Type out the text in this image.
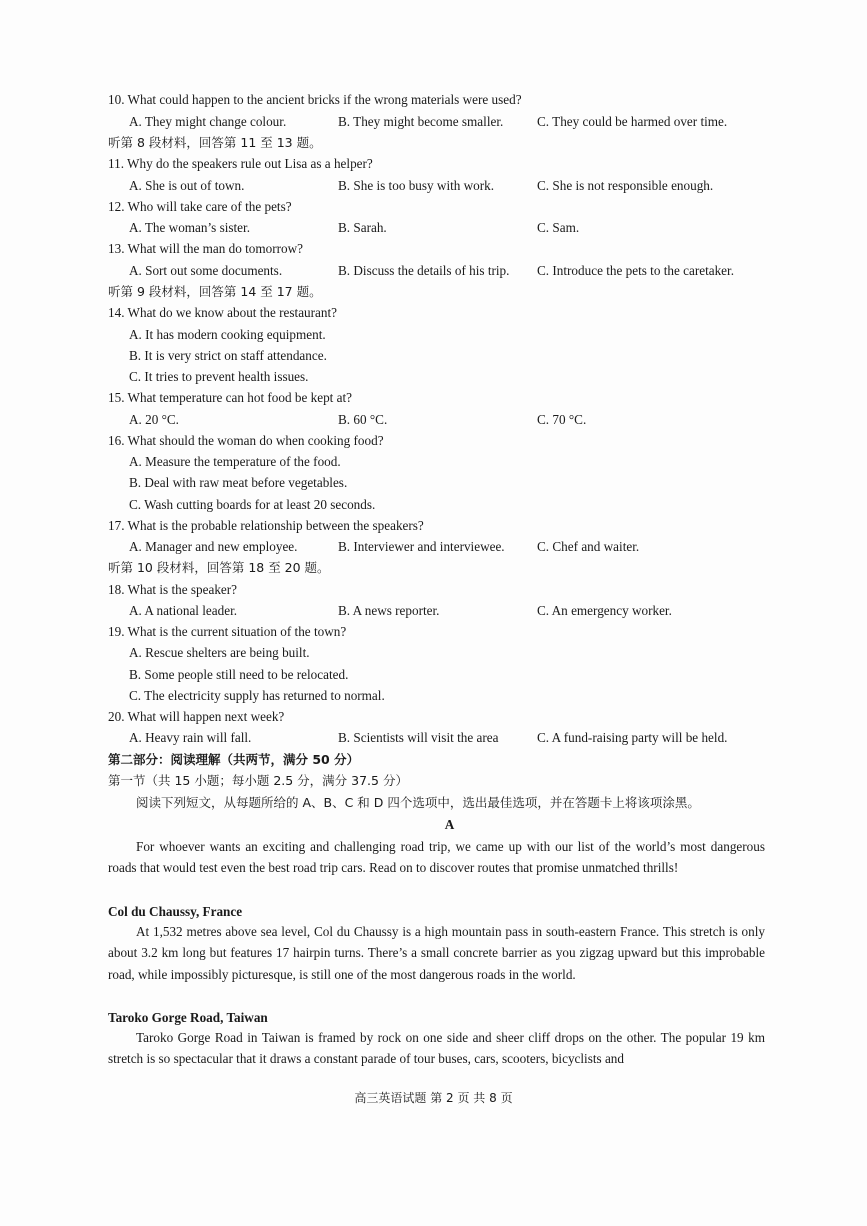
10. What could happen to the ancient bricks if the wrong materials were used?
A. They might change colour.	B. They might become smaller.	C. They could be harmed over time.
听第 8 段材料，回答第 11 至 13 题。
11. Why do the speakers rule out Lisa as a helper?
A. She is out of town.	B. She is too busy with work.	C. She is not responsible enough.
12. Who will take care of the pets?
A. The woman’s sister.	B. Sarah.	C. Sam.
13. What will the man do tomorrow?
A. Sort out some documents.	B. Discuss the details of his trip. C. Introduce the pets to the caretaker.
听第 9 段材料，回答第 14 至 17 题。
14. What do we know about the restaurant?
A. It has modern cooking equipment.
B. It is very strict on staff attendance.
C. It tries to prevent health issues.
15. What temperature can hot food be kept at?
A. 20 °C.	B. 60 °C.	C. 70 °C.
16. What should the woman do when cooking food?
A. Measure the temperature of the food.
B. Deal with raw meat before vegetables.
C. Wash cutting boards for at least 20 seconds.
17. What is the probable relationship between the speakers?
A. Manager and new employee.	B. Interviewer and interviewee. C. Chef and waiter.
听第 10 段材料，回答第 18 至 20 题。
18. What is the speaker?
A. A national leader.	B. A news reporter.	C. An emergency worker.
19. What is the current situation of the town?
A. Rescue shelters are being built.
B. Some people still need to be relocated.
C. The electricity supply has returned to normal.
20. What will happen next week?
A. Heavy rain will fall.	B. Scientists will visit the area	C. A fund-raising party will be held.
第二部分：阅读理解（共两节，满分 50 分）
第一节（共 15 小题；每小题 2.5 分，满分 37.5 分）
阅读下列短文，从每题所给的 A、B、C 和 D 四个选项中，选出最佳选项，并在答题卡上将该项涂黑。
A

For whoever wants an exciting and challenging road trip, we came up with our list of the world’s most dangerous roads that would test even the best road trip cars. Read on to discover routes that promise unmatched thrills!

Col du Chaussy, France

At 1,532 metres above sea level, Col du Chaussy is a high mountain pass in south-eastern France. This stretch is only about 3.2 km long but features 17 hairpin turns. There’s a small concrete barrier as you zigzag upward but this improbable road, while impossibly picturesque, is still one of the most dangerous roads in the world.

Taroko Gorge Road, Taiwan

Taroko Gorge Road in Taiwan is framed by rock on one side and sheer cliff drops on the other. The popular 19 km stretch is so spectacular that it draws a constant parade of tour buses, cars, scooters, bicyclists and

高三英语试题 第 2 页 共 8 页
